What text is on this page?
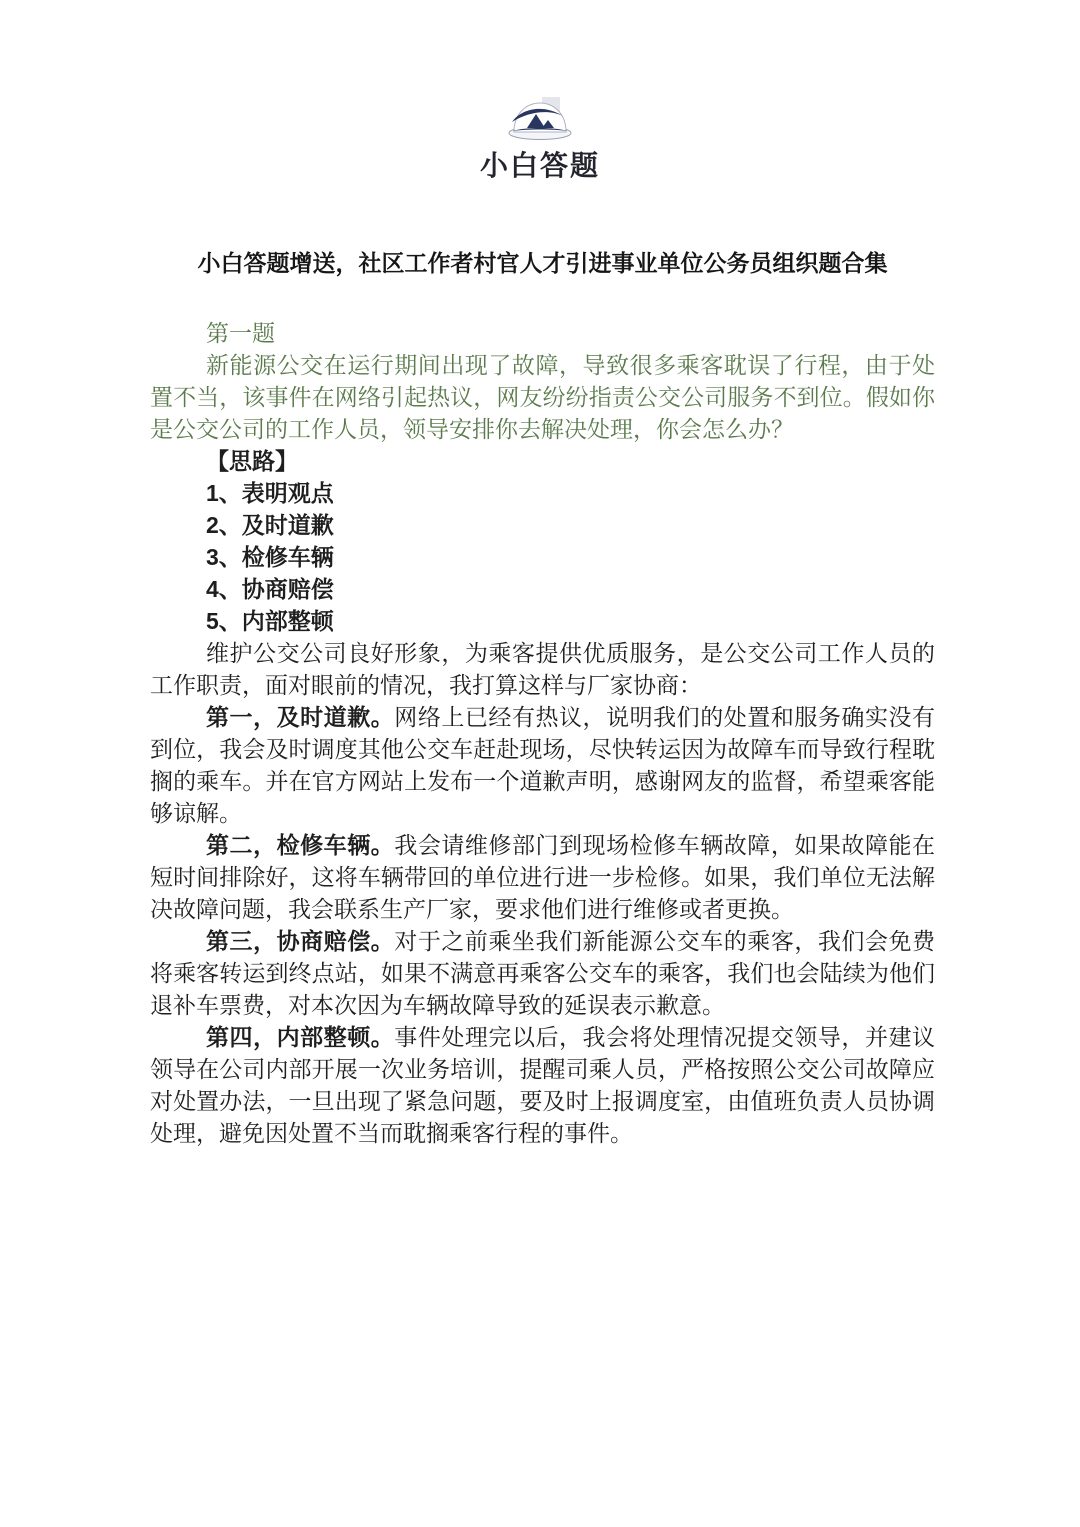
小白答题
小白答题增送，社区工作者村官人才引进事业单位公务员组织题合集

第一题

新能源公交在运行期间出现了故障，导致很多乘客耽误了行程，由于处置不当，该事件在网络引起热议，网友纷纷指责公交公司服务不到位。假如你是公交公司的工作人员，领导安排你去解决处理，你会怎么办？

【思路】

1、表明观点
2、及时道歉
3、检修车辆
4、协商赔偿
5、内部整顿

维护公交公司良好形象，为乘客提供优质服务，是公交公司工作人员的工作职责，面对眼前的情况，我打算这样与厂家协商：

第一，及时道歉。网络上已经有热议，说明我们的处置和服务确实没有到位，我会及时调度其他公交车赶赴现场，尽快转运因为故障车而导致行程耽搁的乘车。并在官方网站上发布一个道歉声明，感谢网友的监督，希望乘客能够谅解。

第二，检修车辆。我会请维修部门到现场检修车辆故障，如果故障能在短时间排除好，这将车辆带回的单位进行进一步检修。如果，我们单位无法解决故障问题，我会联系生产厂家，要求他们进行维修或者更换。

第三，协商赔偿。对于之前乘坐我们新能源公交车的乘客，我们会免费将乘客转运到终点站，如果不满意再乘客公交车的乘客，我们也会陆续为他们退补车票费，对本次因为车辆故障导致的延误表示歉意。

第四，内部整顿。事件处理完以后，我会将处理情况提交领导，并建议领导在公司内部开展一次业务培训，提醒司乘人员，严格按照公交公司故障应对处置办法，一旦出现了紧急问题，要及时上报调度室，由值班负责人员协调处理，避免因处置不当而耽搁乘客行程的事件。
